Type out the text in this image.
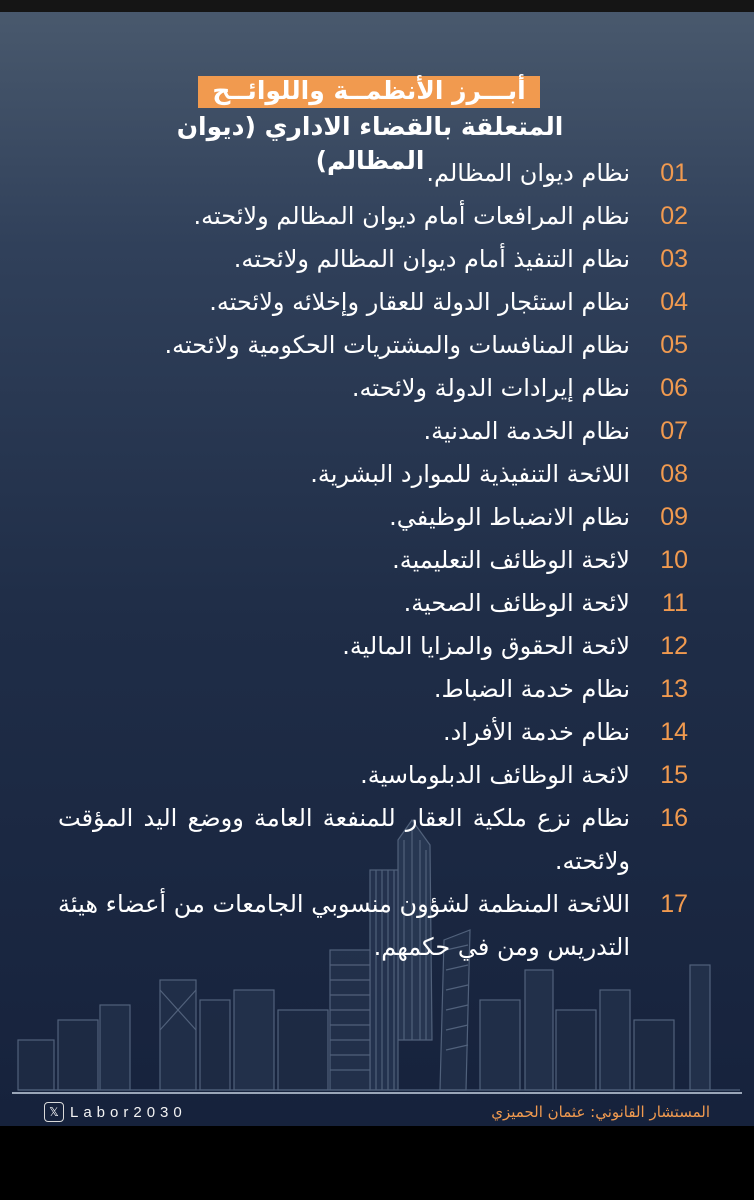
أبـــرز الأنظمــة واللوائــح
المتعلقة بالقضاء الاداري (ديوان المظالم)	01
نظام ديوان المظالم.
02
نظام المرافعات أمام ديوان المظالم ولائحته.
03
نظام التنفيذ أمام ديوان المظالم ولائحته.
04
نظام استئجار الدولة للعقار وإخلائه ولائحته.
05
نظام المنافسات والمشتريات الحكومية ولائحته.
06
نظام إيرادات الدولة ولائحته.
07
نظام الخدمة المدنية.
08
اللائحة التنفيذية للموارد البشرية.
09
نظام الانضباط الوظيفي.
10
لائحة الوظائف التعليمية.
11
لائحة الوظائف الصحية.
12
لائحة الحقوق والمزايا المالية.
13
نظام خدمة الضباط.
14
نظام خدمة الأفراد.
15
لائحة الوظائف الدبلوماسية.
16
نظام نزع ملكية العقار للمنفعة العامة ووضع اليد المؤقت ولائحته.
17
اللائحة المنظمة لشؤون منسوبي الجامعات من أعضاء هيئة التدريس ومن في حكمهم.
𝕏 Labor2030	المستشار القانوني: عثمان الحميزي
